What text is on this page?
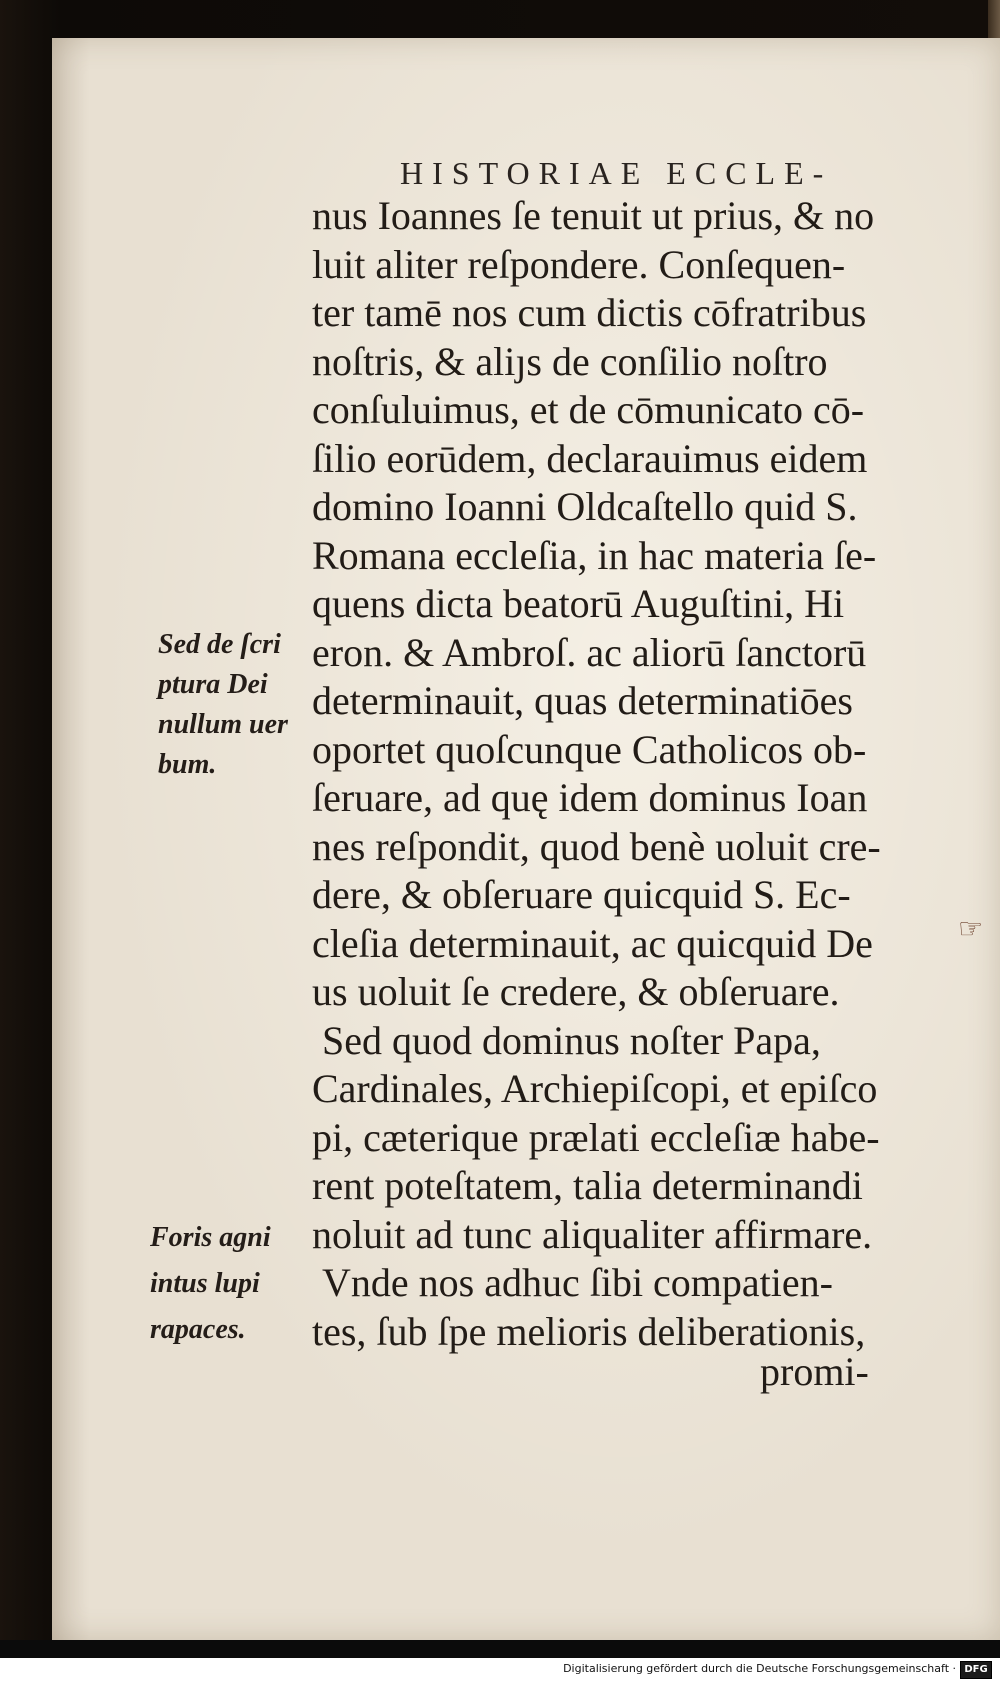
HISTORIAE ECCLE-
nus Ioannes ſe tenuit ut prius, & no
luit aliter reſpondere. Conſequen-
ter tamē nos cum dictis cōfratribus
noſtris, & aliȷs de conſilio noſtro
conſuluimus, et de cōmunicato cō-
ſilio eorūdem, declarauimus eidem
domino Ioanni Oldcaſtello quid S.
Romana eccleſia, in hac materia ſe-
quens dicta beatorū Auguſtini, Hi
eron. & Ambroſ. ac aliorū ſanctorū
determinauit, quas determinatiōes
oportet quoſcunque Catholicos ob-
ſeruare, ad quę idem dominus Ioan
nes reſpondit, quod benè uoluit cre-
dere, & obſeruare quicquid S. Ec-
cleſia determinauit, ac quicquid De
us uoluit ſe credere, & obſeruare.
Sed quod dominus noſter Papa,
Cardinales, Archiepiſcopi, et epiſco
pi, cæterique prælati eccleſiæ habe-
rent poteſtatem, talia determinandi
noluit ad tunc aliqualiter affirmare.
Vnde nos adhuc ſibi compatien-
tes, ſub ſpe melioris deliberationis,
promi-
Sed de ſcri
ptura Dei
nullum uer
bum.
Foris agni
intus lupi
rapaces.
☞
Digitalisierung gefördert durch die Deutsche Forschungsgemeinschaft · DFG
